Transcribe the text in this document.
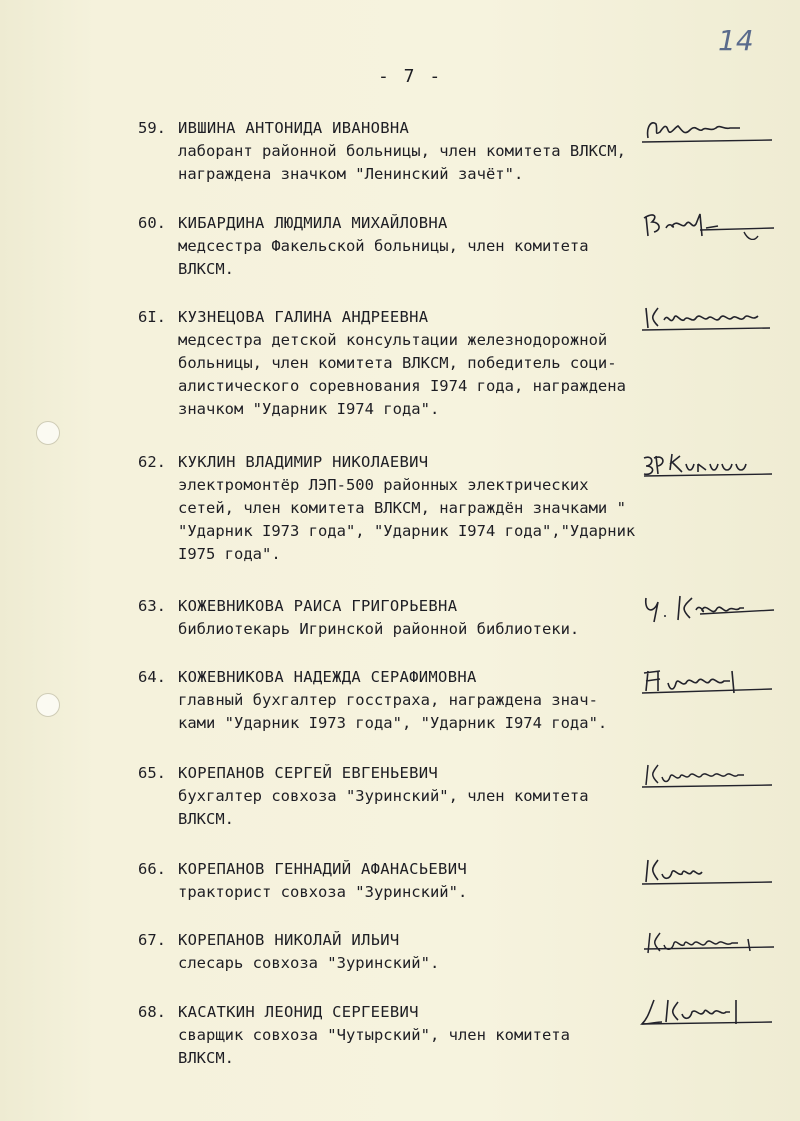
14
- 7 -
59. ИВШИНА АНТОНИДА ИВАНОВНА
лаборант районной больницы, член комитета ВЛКСМ,
награждена значком "Ленинский зачёт".
60. КИБАРДИНА ЛЮДМИЛА МИХАЙЛОВНА
медсестра Факельской больницы, член комитета
ВЛКСМ.
6I. КУЗНЕЦОВА ГАЛИНА АНДРЕЕВНА
медсестра детской консультации железнодорожной
больницы, член комитета ВЛКСМ, победитель соци-
алистического соревнования I974 года, награждена
значком "Ударник I974 года".
62. КУКЛИН ВЛАДИМИР НИКОЛАЕВИЧ
электромонтёр ЛЭП-500 районных электрических
сетей, член комитета ВЛКСМ, награждён значками "
"Ударник I973 года", "Ударник I974 года","Ударник
I975 года".
63. КОЖЕВНИКОВА РАИСА ГРИГОРЬЕВНА
библиотекарь Игринской районной библиотеки.
64. КОЖЕВНИКОВА НАДЕЖДА СЕРАФИМОВНА
главный бухгалтер госстраха, награждена знач-
ками "Ударник I973 года", "Ударник I974 года".
65. КОРЕПАНОВ СЕРГЕЙ ЕВГЕНЬЕВИЧ
бухгалтер совхоза "Зуринский", член комитета
ВЛКСМ.
66. КОРЕПАНОВ ГЕННАДИЙ АФАНАСЬЕВИЧ
тракторист совхоза "Зуринский".
67. КОРЕПАНОВ НИКОЛАЙ ИЛЬИЧ
слесарь совхоза "Зуринский".
68. КАСАТКИН ЛЕОНИД СЕРГЕЕВИЧ
сварщик совхоза "Чутырский", член комитета
ВЛКСМ.
